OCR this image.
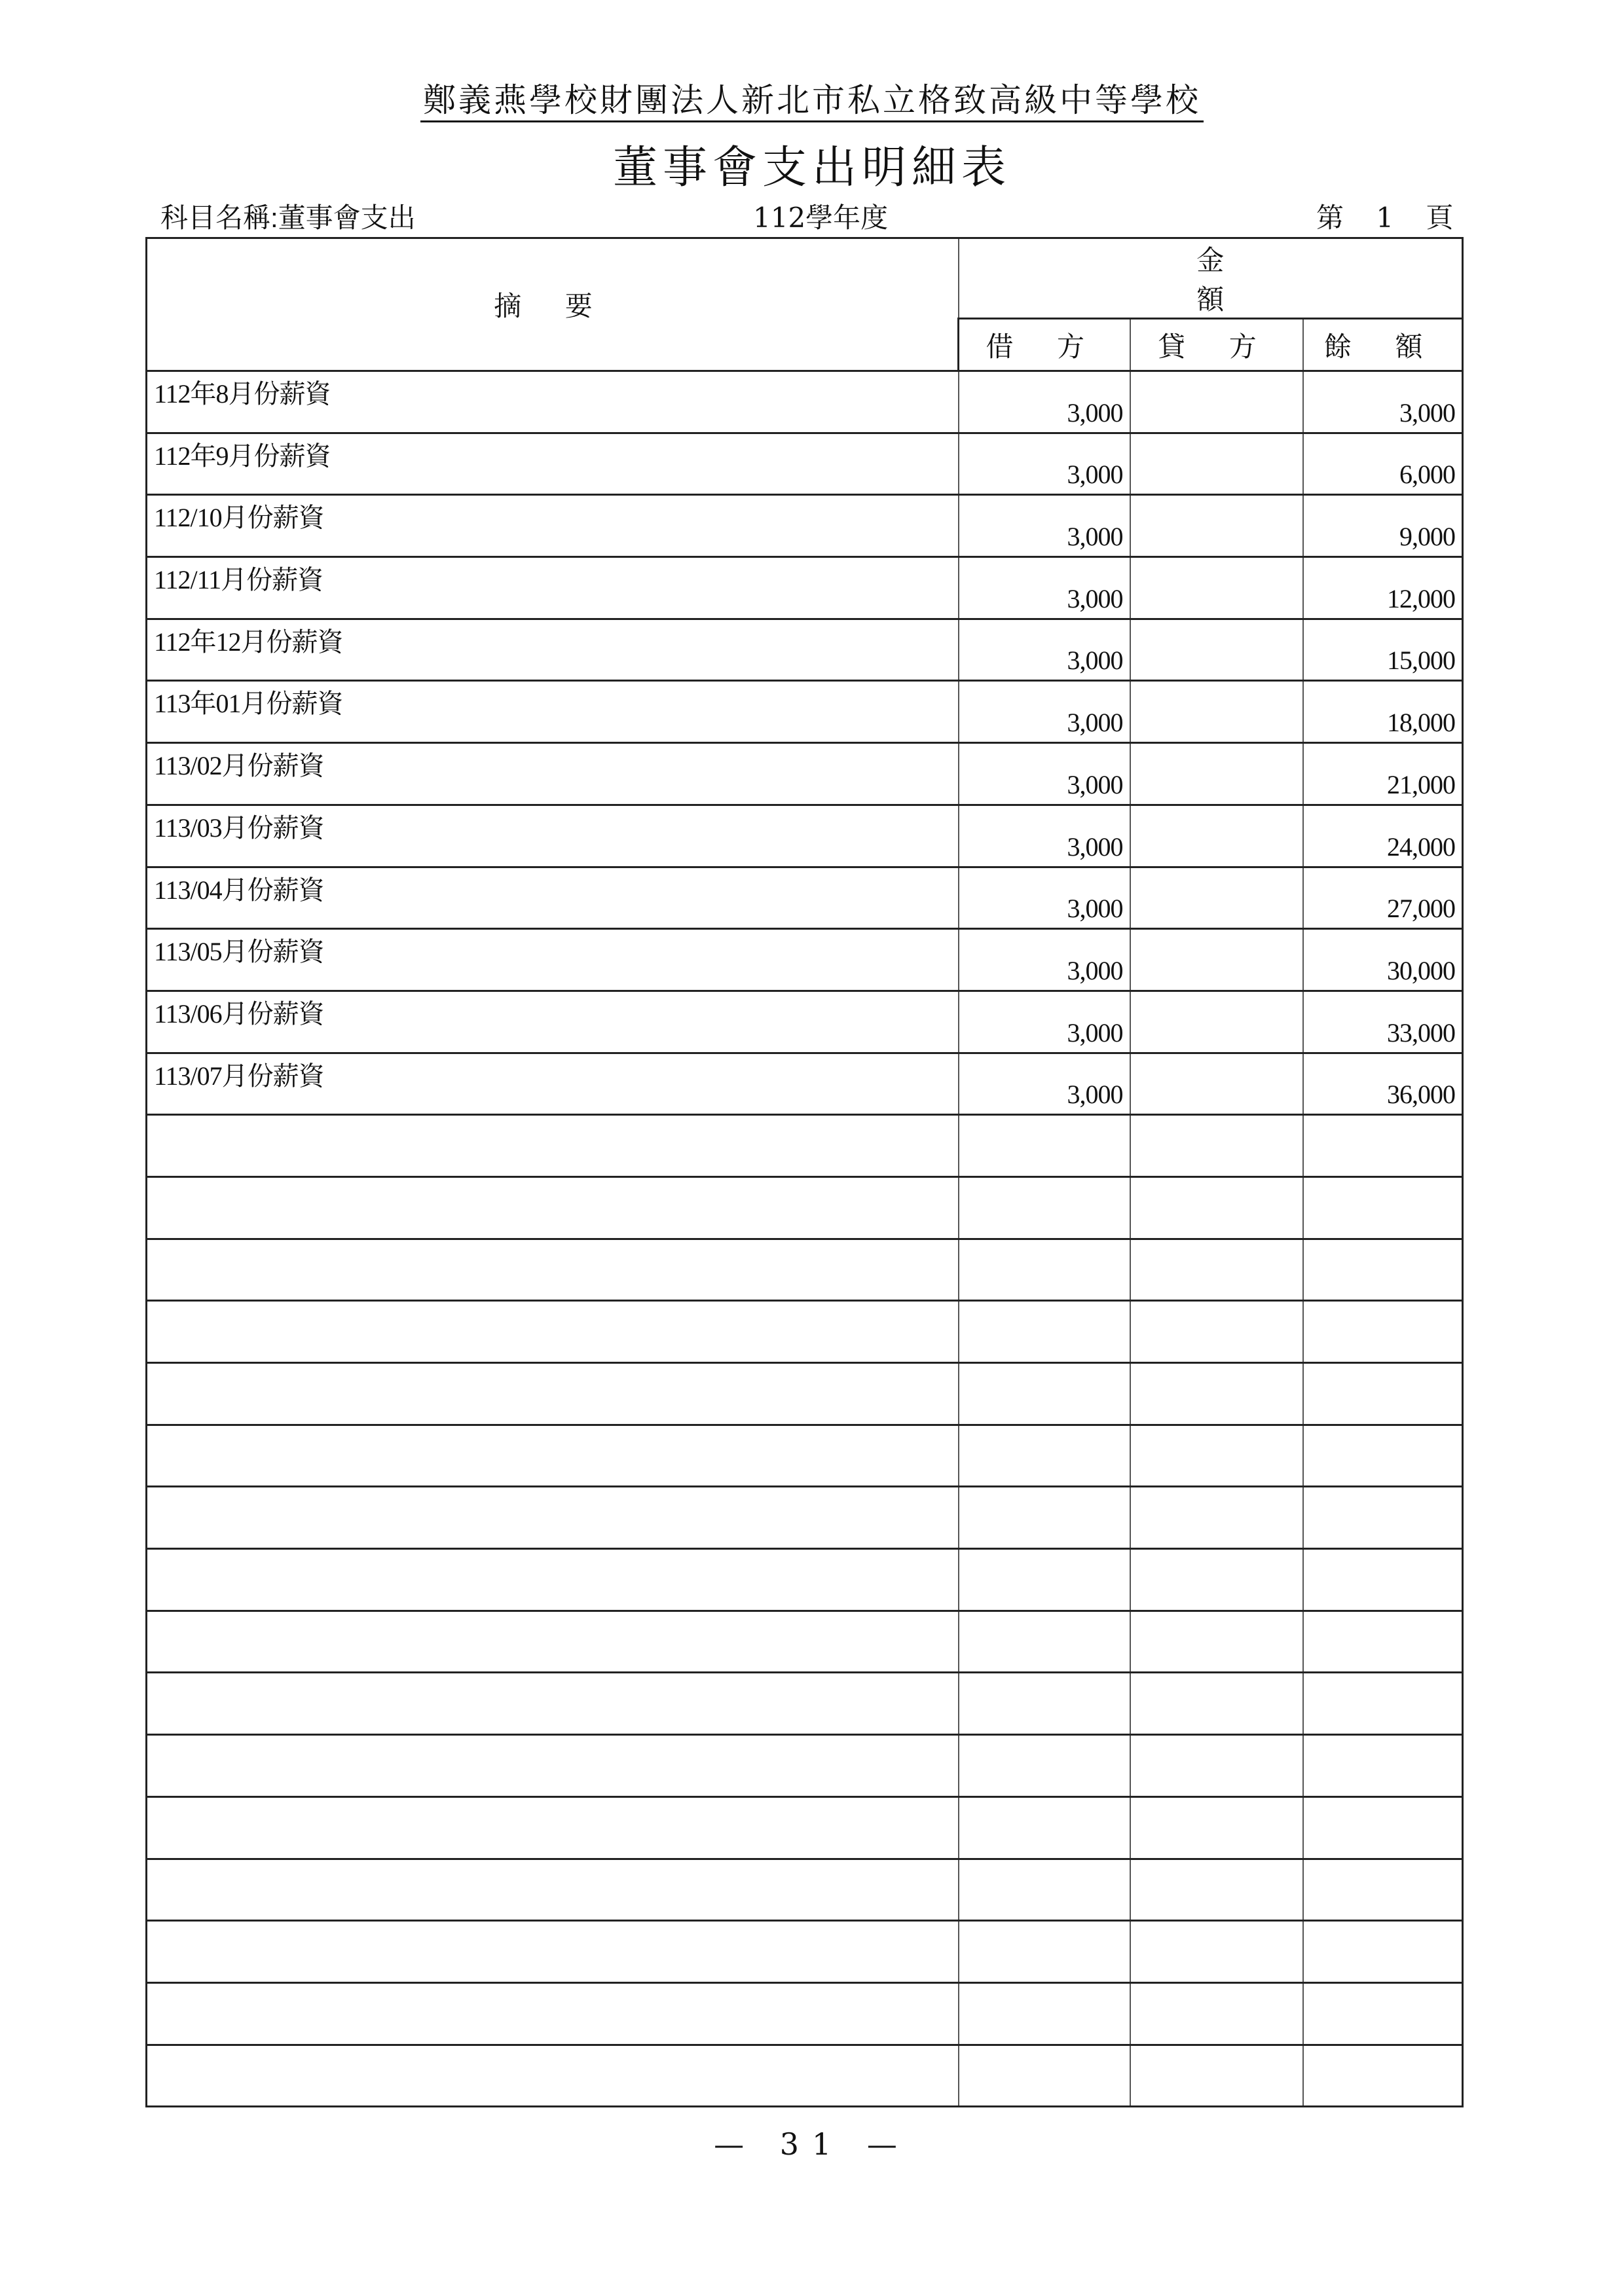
鄭義燕學校財團法人新北市私立格致高級中等學校
董事會支出明細表
科目名稱:董事會支出	112學年度	第 1 頁
摘 要	金 額		
	借 方	貸 方	餘 額

112年8月份薪資	3,000		3,000

112年9月份薪資	3,000		6,000

112/10月份薪資	3,000		9,000

112/11月份薪資	3,000		12,000

112年12月份薪資	3,000		15,000

113年01月份薪資	3,000		18,000

113/02月份薪資	3,000		21,000

113/03月份薪資	3,000		24,000

113/04月份薪資	3,000		27,000

113/05月份薪資	3,000		30,000

113/06月份薪資	3,000		33,000

113/07月份薪資	3,000		36,000

— 31 —
